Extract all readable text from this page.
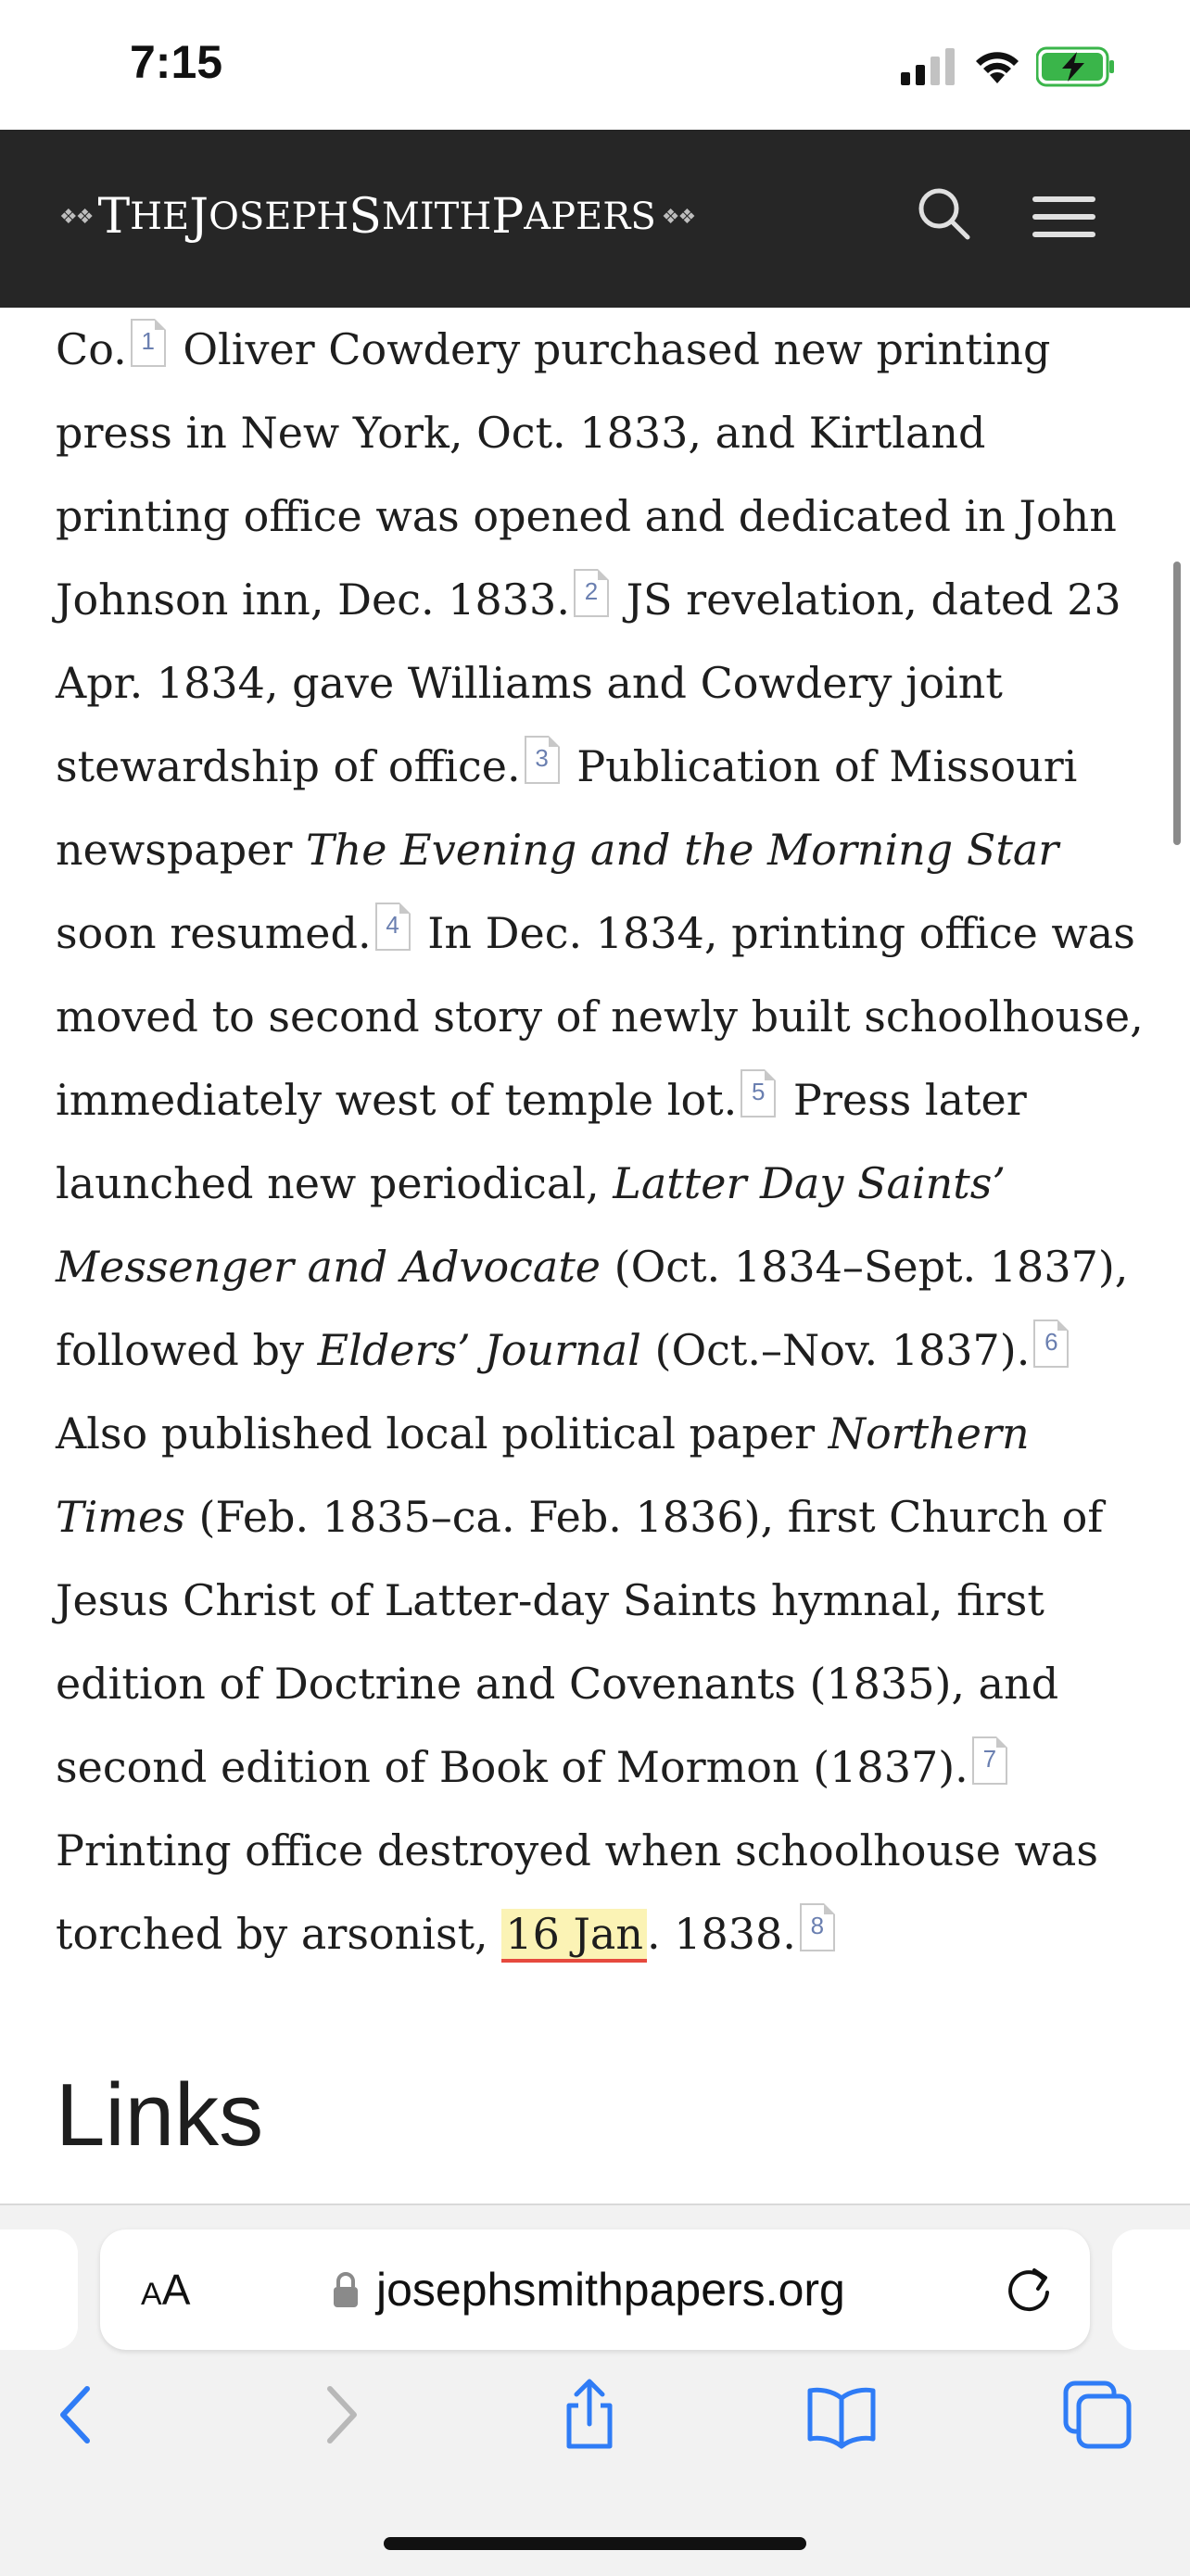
7:15
❖❖ T HE J OSEPH S MITH P APERS ❖❖

Co. 1 Oliver Cowdery purchased new printing press in New York, Oct. 1833, and Kirtland printing office was opened and dedicated in John Johnson inn, Dec. 1833. 2 JS revelation, dated 23 Apr. 1834, gave Williams and Cowdery joint stewardship of office. 3 Publication of Missouri newspaper The Evening and the Morning Star soon resumed. 4 In Dec. 1834, printing office was moved to second story of newly built schoolhouse, immediately west of temple lot. 5 Press later launched new periodical, Latter Day Saints’ Messenger and Advocate (Oct. 1834–Sept. 1837), followed by Elders’ Journal (Oct.–Nov. 1837). 6 Also published local political paper Northern Times (Feb. 1835–ca. Feb. 1836), first Church of Jesus Christ of Latter-day Saints hymnal, first edition of Doctrine and Covenants (1835), and second edition of Book of Mormon (1837). 7 Printing office destroyed when schoolhouse was torched by arsonist, 16 Jan. 1838. 8

Links
AA	josephsmithpapers.org
